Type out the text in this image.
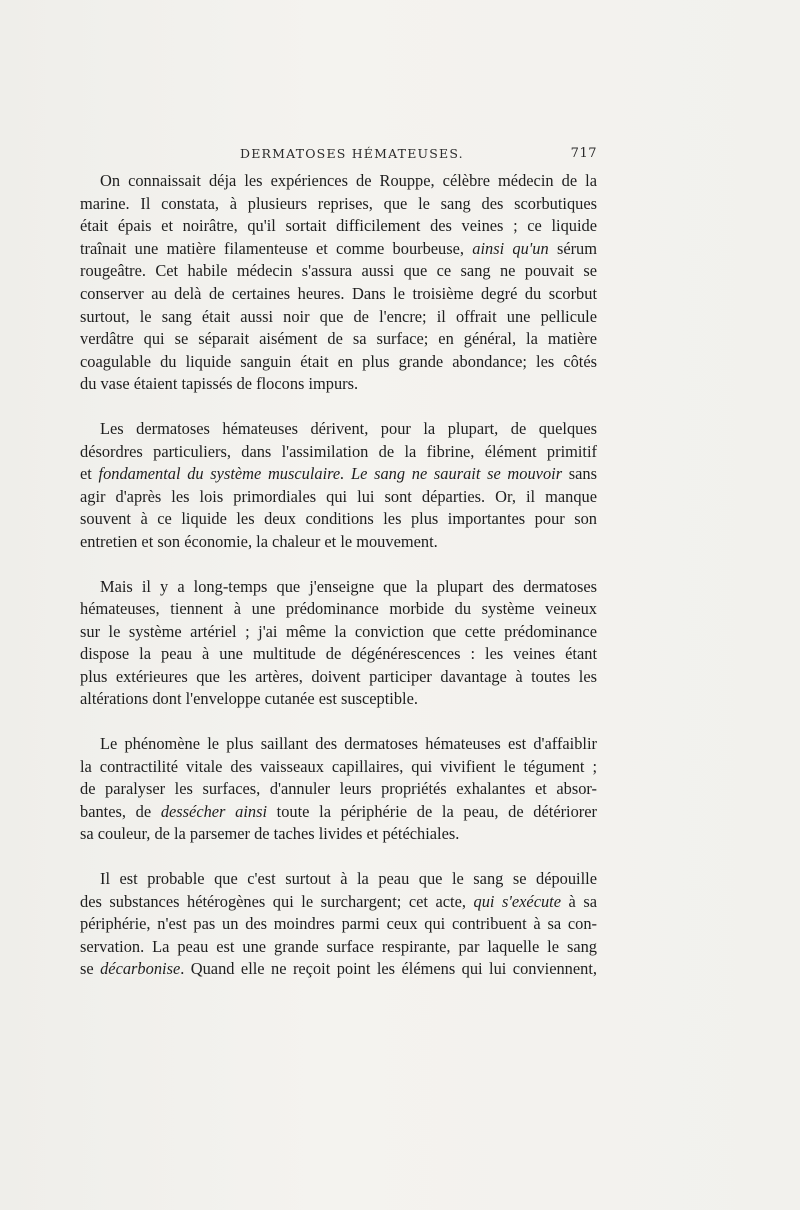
DERMATOSES HÉMATEUSES.	717
On connaissait déja les expériences de Rouppe, célèbre médecin de la
marine. Il constata, à plusieurs reprises, que le sang des scorbutiques
était épais et noirâtre, qu'il sortait difficilement des veines ; ce liquide
traînait une matière filamenteuse et comme bourbeuse, ainsi qu'un sérum
rougeâtre. Cet habile médecin s'assura aussi que ce sang ne pouvait se
conserver au delà de certaines heures. Dans le troisième degré du scorbut
surtout, le sang était aussi noir que de l'encre; il offrait une pellicule
verdâtre qui se séparait aisément de sa surface; en général, la matière
coagulable du liquide sanguin était en plus grande abondance; les côtés
du vase étaient tapissés de flocons impurs.
Les dermatoses hémateuses dérivent, pour la plupart, de quelques
désordres particuliers, dans l'assimilation de la fibrine, élément primitif
et fondamental du système musculaire. Le sang ne saurait se mouvoir sans
agir d'après les lois primordiales qui lui sont départies. Or, il manque
souvent à ce liquide les deux conditions les plus importantes pour son
entretien et son économie, la chaleur et le mouvement.
Mais il y a long-temps que j'enseigne que la plupart des dermatoses
hémateuses, tiennent à une prédominance morbide du système veineux
sur le système artériel ; j'ai même la conviction que cette prédominance
dispose la peau à une multitude de dégénérescences : les veines étant
plus extérieures que les artères, doivent participer davantage à toutes les
altérations dont l'enveloppe cutanée est susceptible.
Le phénomène le plus saillant des dermatoses hémateuses est d'affaiblir
la contractilité vitale des vaisseaux capillaires, qui vivifient le tégument ;
de paralyser les surfaces, d'annuler leurs propriétés exhalantes et absor-
bantes, de dessécher ainsi toute la périphérie de la peau, de détériorer
sa couleur, de la parsemer de taches livides et pétéchiales.
Il est probable que c'est surtout à la peau que le sang se dépouille
des substances hétérogènes qui le surchargent; cet acte, qui s'exécute à sa
périphérie, n'est pas un des moindres parmi ceux qui contribuent à sa con-
servation. La peau est une grande surface respirante, par laquelle le sang
se décarbonise. Quand elle ne reçoit point les élémens qui lui conviennent,
